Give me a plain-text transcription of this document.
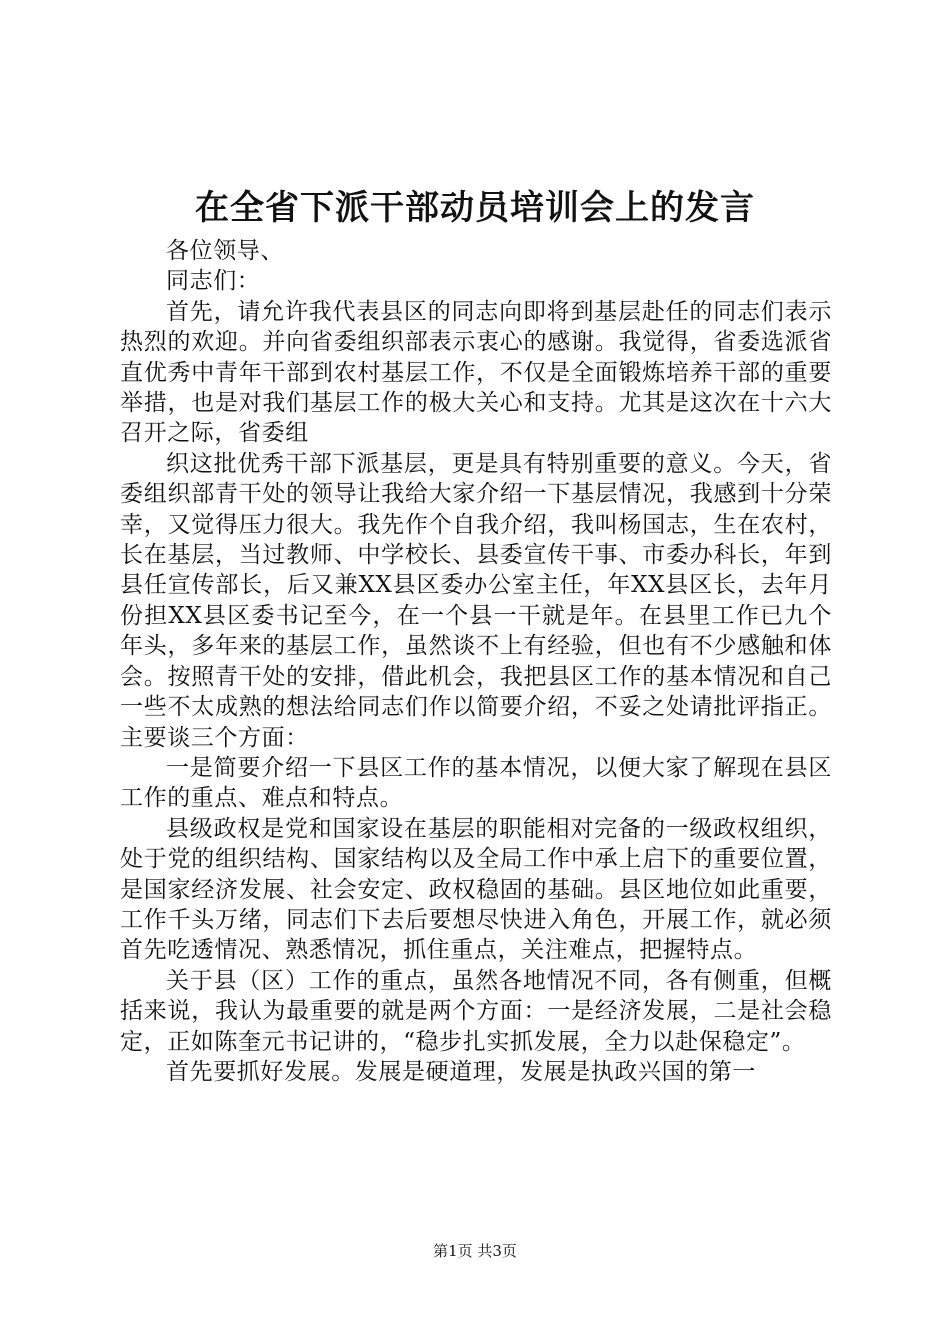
在全省下派干部动员培训会上的发言

各位领导、

同志们：

首先，请允许我代表县区的同志向即将到基层赴任的同志们表示热烈的欢迎。并向省委组织部表示衷心的感谢。我觉得，省委选派省直优秀中青年干部到农村基层工作，不仅是全面锻炼培养干部的重要举措，也是对我们基层工作的极大关心和支持。尤其是这次在十六大召开之际，省委组

织这批优秀干部下派基层，更是具有特别重要的意义。今天，省委组织部青干处的领导让我给大家介绍一下基层情况，我感到十分荣幸，又觉得压力很大。我先作个自我介绍，我叫杨国志，生在农村，长在基层，当过教师、中学校长、县委宣传干事、市委办科长，年到县任宣传部长，后又兼XX县区委办公室主任，年XX县区长，去年月份担XX县区委书记至今，在一个县一干就是年。在县里工作已九个年头，多年来的基层工作，虽然谈不上有经验，但也有不少感触和体会。按照青干处的安排，借此机会，我把县区工作的基本情况和自己一些不太成熟的想法给同志们作以简要介绍，不妥之处请批评指正。主要谈三个方面：

一是简要介绍一下县区工作的基本情况，以便大家了解现在县区工作的重点、难点和特点。

县级政权是党和国家设在基层的职能相对完备的一级政权组织，处于党的组织结构、国家结构以及全局工作中承上启下的重要位置，是国家经济发展、社会安定、政权稳固的基础。县区地位如此重要，工作千头万绪，同志们下去后要想尽快进入角色，开展工作，就必须首先吃透情况、熟悉情况，抓住重点，关注难点，把握特点。

关于县（区）工作的重点，虽然各地情况不同，各有侧重，但概括来说，我认为最重要的就是两个方面：一是经济发展，二是社会稳定，正如陈奎元书记讲的，“稳步扎实抓发展，全力以赴保稳定”。

首先要抓好发展。发展是硬道理，发展是执政兴国的第一

第1页 共3页
